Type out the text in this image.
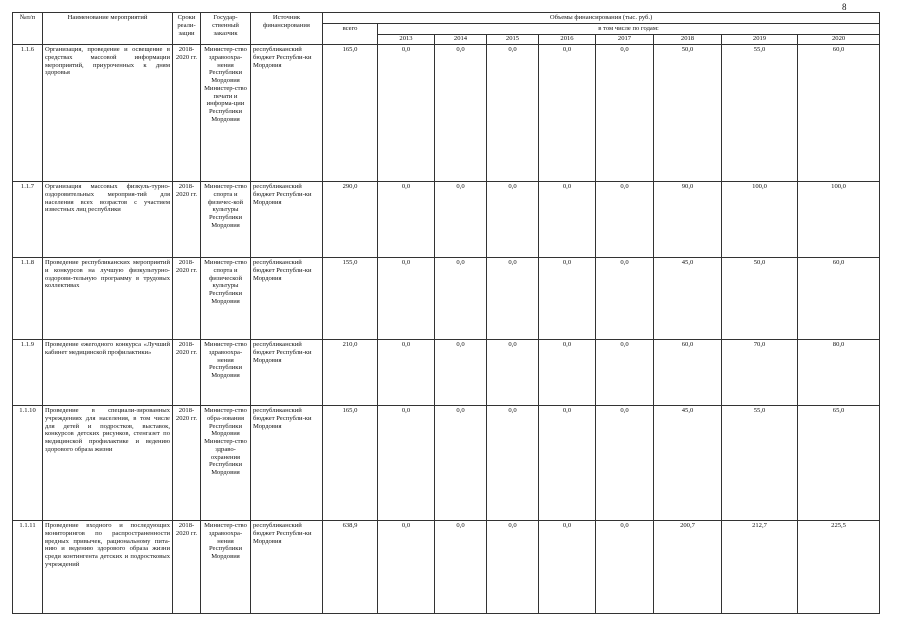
8
№п/п	Наименование мероприятий	Сроки реали-зации	Государ-ственный заказчик	Источник финансирования	Объемы финансирования (тыс. руб.)								
					всего	в том числе по годам:							
						2013	2014	2015	2016	2017	2018	2019	2020
1.1.6	Организация, проведение и освещение в средствах массовой информации мероприятий, приуроченных к дням здоровья	2018-2020 гг.	Министер-ство здравоохра-нения Республики Мордовия Министер-ство печати и информа-ции Республики Мордовия	республиканский бюджет Республи-ки Мордовия	165,0	0,0	0,0	0,0	0,0	0,0	50,0	55,0	60,0
1.1.7	Организация массовых физкуль-турно-оздоровительных мероприя-тий для населения всех возрастов с участием известных лиц республики	2018-2020 гг.	Министер-ство спорта и физичес-кой культуры Республики Мордовия	республиканский бюджет Республи-ки Мордовия	290,0	0,0	0,0	0,0	0,0	0,0	90,0	100,0	100,0
1.1.8	Проведение республиканских мероприятий и конкурсов на лучшую физкультурно-оздорови-тельную программу в трудовых коллективах	2018-2020 гг.	Министер-ство спорта и физической культуры Республики Мордовия	республиканский бюджет Республи-ки Мордовия	155,0	0,0	0,0	0,0	0,0	0,0	45,0	50,0	60,0
1.1.9	Проведение ежегодного конкурса «Лучший кабинет медицинской профилактики»	2018-2020 гг.	Министер-ство здравоохра-нения Республики Мордовия	республиканский бюджет Республи-ки Мордовия	210,0	0,0	0,0	0,0	0,0	0,0	60,0	70,0	80,0
1.1.10	Проведение в специали-зированных учреждениях для населения, в том числе для детей и подростков, выставок, конкурсов детских рисунков, стенгазет по медицинской профилактике и ведению здорового образа жизни	2018-2020 гг.	Министер-ство обра-зования Республики Мордовия Министер-ство здраво-охранения Республики Мордовия	республиканский бюджет Республи-ки Мордовия	165,0	0,0	0,0	0,0	0,0	0,0	45,0	55,0	65,0
1.1.11	Проведение входного и последующих мониторингов по распространенности вредных привычек, рациональному пита-нию и ведению здорового образа жизни среди контингента детских и подростковых учреждений	2018-2020 гг.	Министер-ство здравоохра-нения Республики Мордовия	республиканский бюджет Республи-ки Мордовия	638,9	0,0	0,0	0,0	0,0	0,0	200,7	212,7	225,5
